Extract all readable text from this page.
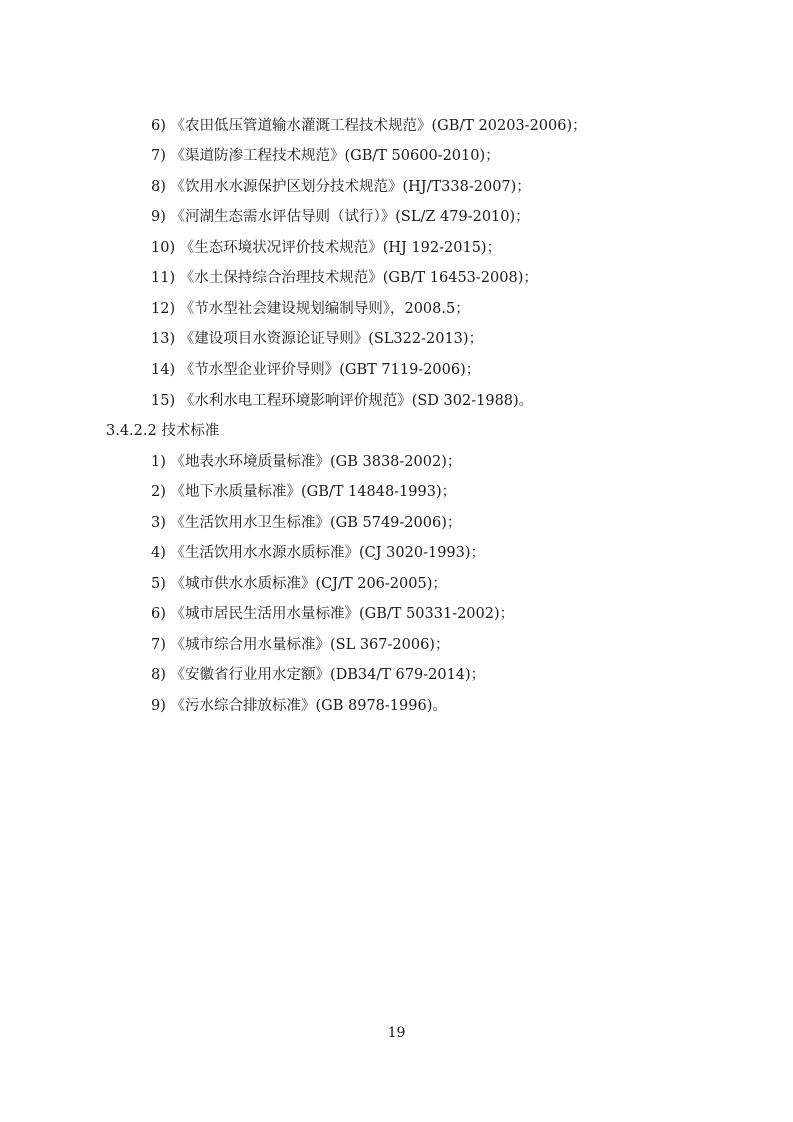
6) 《农田低压管道输水灌溉工程技术规范》(GB/T 20203-2006)；
7) 《渠道防渗工程技术规范》(GB/T 50600-2010)；
8) 《饮用水水源保护区划分技术规范》(HJ/T338-2007)；
9) 《河湖生态需水评估导则（试行）》(SL/Z 479-2010)；
10) 《生态环境状况评价技术规范》(HJ 192-2015)；
11) 《水土保持综合治理技术规范》(GB/T 16453-2008)；
12) 《节水型社会建设规划编制导则》，2008.5；
13) 《建设项目水资源论证导则》(SL322-2013)；
14) 《节水型企业评价导则》(GBT 7119-2006)；
15) 《水利水电工程环境影响评价规范》(SD 302-1988)。
3.4.2.2 技术标准
1) 《地表水环境质量标准》(GB 3838-2002)；
2) 《地下水质量标准》(GB/T 14848-1993)；
3) 《生活饮用水卫生标准》(GB 5749-2006)；
4) 《生活饮用水水源水质标准》(CJ 3020-1993)；
5) 《城市供水水质标准》(CJ/T 206-2005)；
6) 《城市居民生活用水量标准》(GB/T 50331-2002)；
7) 《城市综合用水量标准》(SL 367-2006)；
8) 《安徽省行业用水定额》(DB34/T 679-2014)；
9) 《污水综合排放标准》(GB 8978-1996)。
19
